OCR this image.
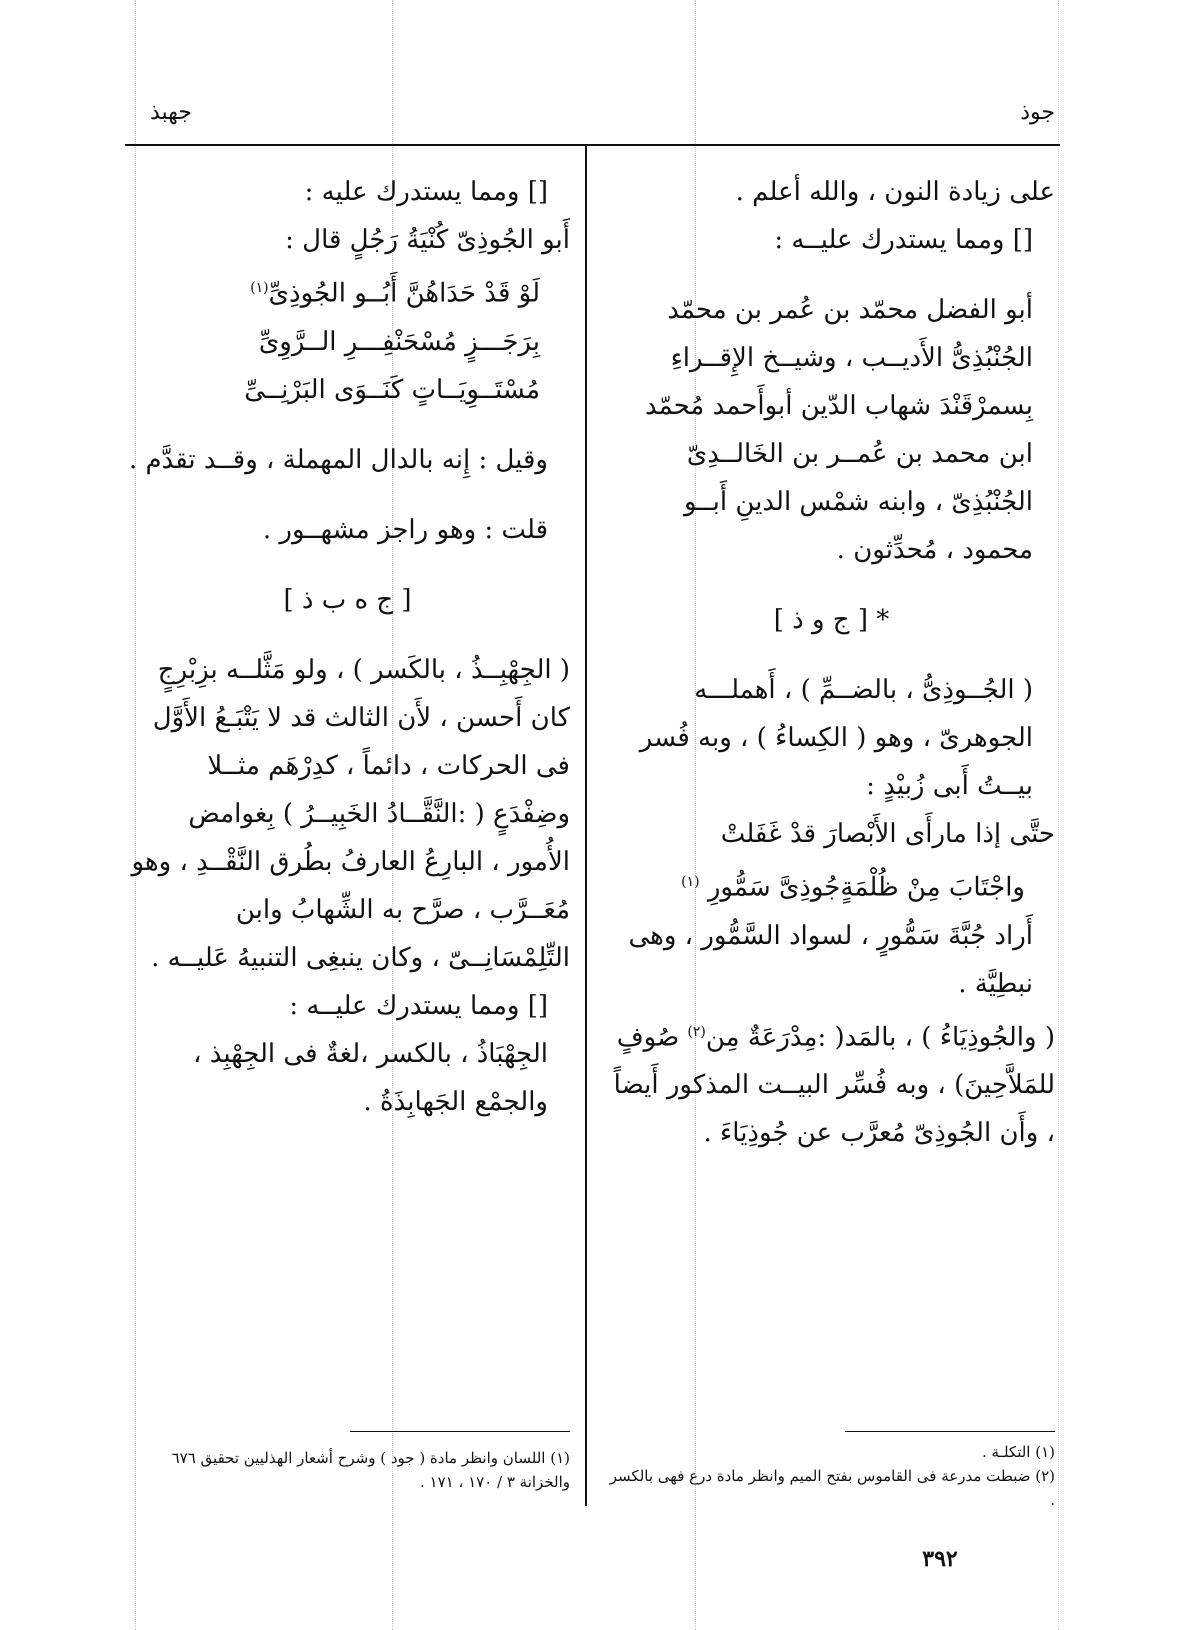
جوذ
جهبذ

على زيادة النون ، والله أعلم .

[] ومما يستدرك عليــه :

أبو الفضل محمّد بن عُمر بن محمّد الجُنْبُذِىُّ الأَديــب ، وشيــخ الإِقــراءِ بِسمرْقَنْدَ شهاب الدّين أبوأَحمد مُحمّد ابن محمد بن عُمــر بن الخَالــدِىّ الجُنْبُذِىّ ، وابنه شمْس الدينِ أَبــو محمود ، مُحدِّثون .

* [ ج و ذ ]

( الجُــوذِىُّ ، بالضــمِّ ) ، أَهملـــه الجوهرىّ ، وهو ( الكِساءُ ) ، وبه فُسر بيــتُ أَبى زُبيْدٍ :

حتَّى إذا مارأَى الأَبْصارَ قدْ غَفَلتْ

واجْتَابَ مِنْ ظُلْمَةٍجُوذِىَّ سَمُّورِ $^{(١)}$

أَراد جُبَّةَ سَمُّورٍ ، لسواد السَّمُّور ، وهى نبطِيَّة .

( والجُوذِيَاءُ ) ، بالمَد( :مِدْرَعَةٌ مِن$^{(٢)}$ صُوفٍ للمَلاَّحِينَ) ، وبه فُسِّر البيــت المذكور أَيضاً ، وأَن الجُوذِىّ مُعرَّب عن جُوذِيَاءَ .

[] ومما يستدرك عليه :

أَبو الجُوذِىّ كُنْيَةُ رَجُلٍ قال :

لَوْ قَدْ حَدَاهُنَّ أَبُــو الجُوذِىِّ$^{(١)}$

بِرَجَـــزٍ مُسْحَنْفِـــرِ الــرَّوِىِّ

مُسْتَــوِيَــاتٍ كَنَــوَى البَرْنِــىِّ

وقيل : إِنه بالدال المهملة ، وقــد تقدَّم .

قلت : وهو راجز مشهــور .

[ ج ه ب ذ ]

( الجِهْبِــذُ ، بالكَسر ) ، ولو مَثَّلــه بزِبْرِجٍ كان أَحسن ، لأَن الثالث قد لا يَتْبَـعُ الأَوَّل فى الحركات ، دائماً ، كدِرْهَم مثــلا وضِفْدَعٍ ( :النَّقَّــادُ الخَبِيــرُ ) بِغوامض الأُمور ، البارِعُ العارفُ بطُرق النَّقْــدِ ، وهو مُعَــرَّب ، صرَّح به الشِّهابُ وابن التِّلِمْسَانِــىّ ، وكان ينبغِى التنبيهُ عَليــه .

[] ومما يستدرك عليــه :

الجِهْبَاذُ ، بالكسر ،لغةٌ فى الجِهْبِذ ، والجمْع الجَهابِذَةُ .

(١) التكلـة .

(٢) ضبطت مدرعة فى القاموس بفتح الميم وانظر مادة درع فهى بالكسر .

(١) اللسان وانظر مادة ( جود ) وشرح أشعار الهذليين تحقيق ٦٧٦ والخزانة ٣ / ١٧٠ ، ١٧١ .

٣٩٢
